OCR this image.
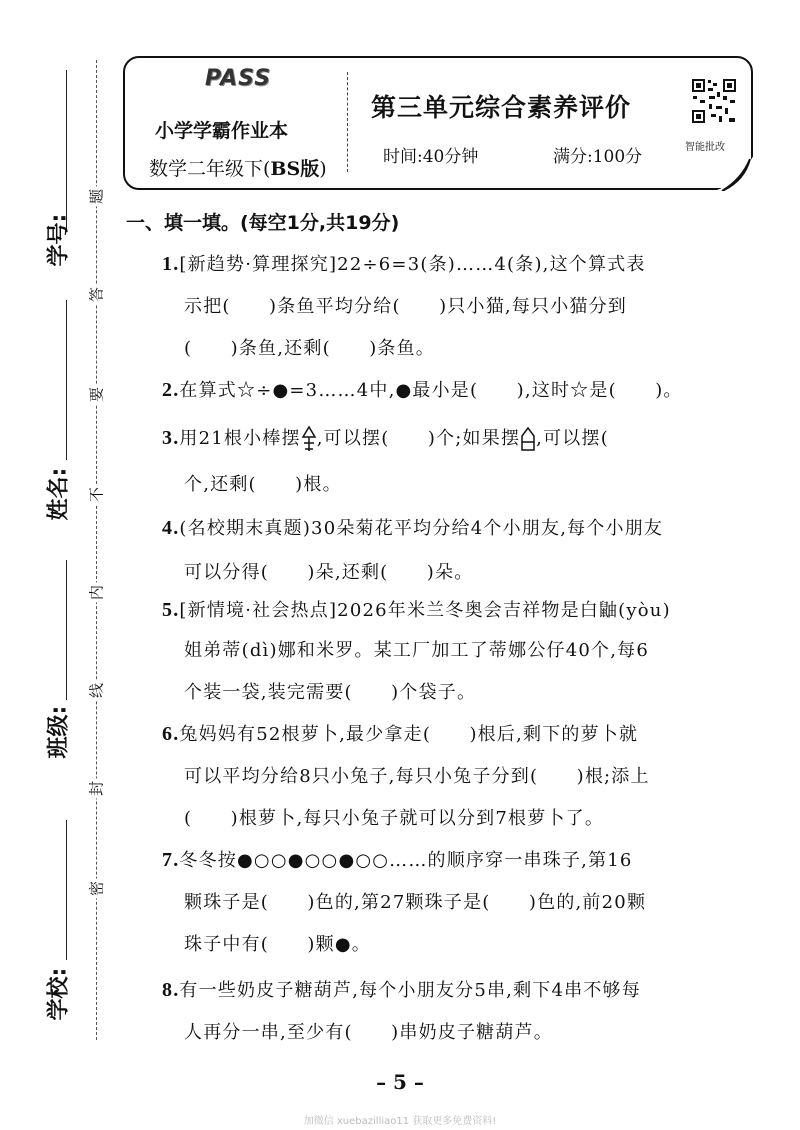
学号:
姓名:
班级:
学校:
题
答
要
不
内
线
封
密
PASS
小学学霸作业本
数学二年级下(BS版)
第三单元综合素养评价
时间:40分钟	满分:100分	智能批改
一、填一填。(每空1分,共19分)
1.[新趋势·算理探究]22÷6=3(条)……4(条),这个算式表
示把(　　)条鱼平均分给(　　)只小猫,每只小猫分到
(　　)条鱼,还剩(　　)条鱼。
2.在算式☆÷●=3……4中,●最小是(　　),这时☆是(　　)。
3.用21根小棒摆 ,可以摆(　　)个;如果摆 ,可以摆(　　
个,还剩(　　)根。
4.(名校期末真题)30朵菊花平均分给4个小朋友,每个小朋友
可以分得(　　)朵,还剩(　　)朵。
5.[新情境·社会热点]2026年米兰冬奥会吉祥物是白鼬(yòu)
姐弟蒂(dì)娜和米罗。某工厂加工了蒂娜公仔40个,每6
个装一袋,装完需要(　　)个袋子。
6.兔妈妈有52根萝卜,最少拿走(　　)根后,剩下的萝卜就
可以平均分给8只小兔子,每只小兔子分到(　　)根;添上
(　　)根萝卜,每只小兔子就可以分到7根萝卜了。
7.冬冬按●○○●○○●○○……的顺序穿一串珠子,第16
颗珠子是(　　)色的,第27颗珠子是(　　)色的,前20颗
珠子中有(　　)颗●。
8.有一些奶皮子糖葫芦,每个小朋友分5串,剩下4串不够每
人再分一串,至少有(　　)串奶皮子糖葫芦。
– 5 –
加微信 xuebazilliao11 获取更多免费资料!
